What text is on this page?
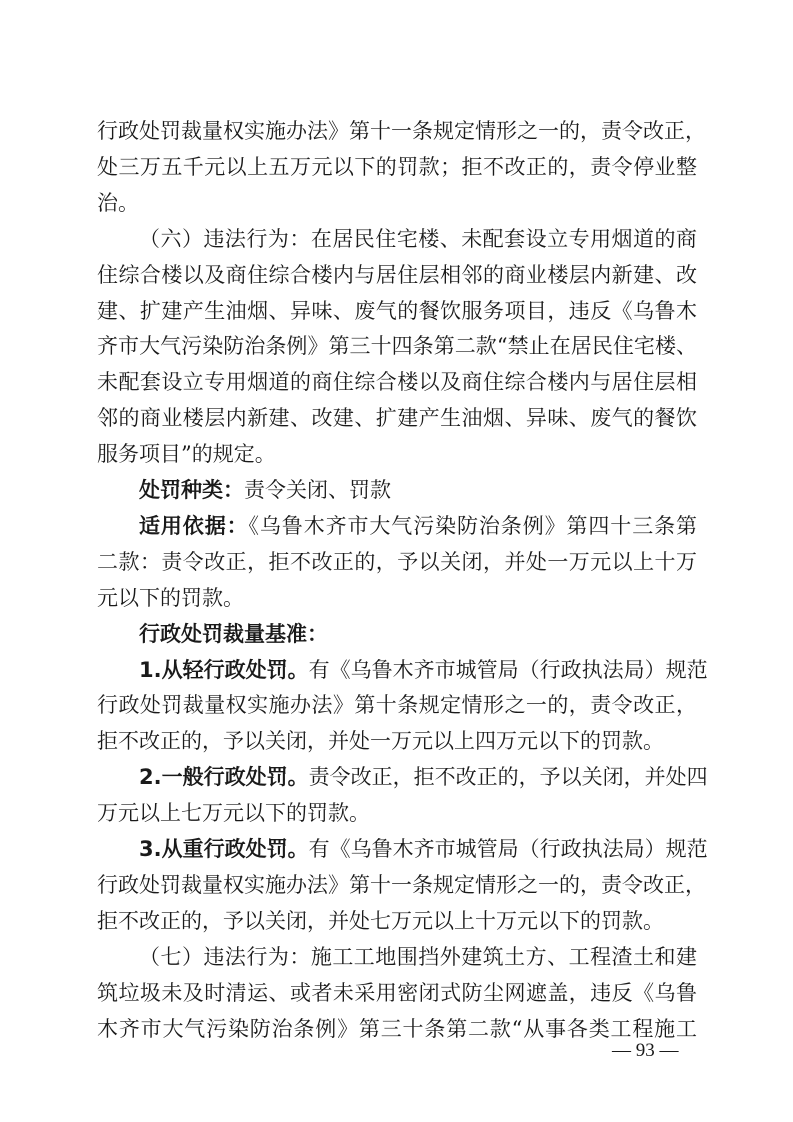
行政处罚裁量权实施办法》第十一条规定情形之一的，责令改正，
处三万五千元以上五万元以下的罚款；拒不改正的，责令停业整
治。
（六）违法行为：在居民住宅楼、未配套设立专用烟道的商
住综合楼以及商住综合楼内与居住层相邻的商业楼层内新建、改
建、扩建产生油烟、异味、废气的餐饮服务项目，违反《乌鲁木
齐市大气污染防治条例》第三十四条第二款“禁止在居民住宅楼、
未配套设立专用烟道的商住综合楼以及商住综合楼内与居住层相
邻的商业楼层内新建、改建、扩建产生油烟、异味、废气的餐饮
服务项目”的规定。
处罚种类：责令关闭、罚款
适用依据：《乌鲁木齐市大气污染防治条例》第四十三条第
二款：责令改正，拒不改正的，予以关闭，并处一万元以上十万
元以下的罚款。
行政处罚裁量基准：
1.从轻行政处罚。有《乌鲁木齐市城管局（行政执法局）规范
行政处罚裁量权实施办法》第十条规定情形之一的，责令改正，
拒不改正的，予以关闭，并处一万元以上四万元以下的罚款。
2.一般行政处罚。责令改正，拒不改正的，予以关闭，并处四
万元以上七万元以下的罚款。
3.从重行政处罚。有《乌鲁木齐市城管局（行政执法局）规范
行政处罚裁量权实施办法》第十一条规定情形之一的，责令改正，
拒不改正的，予以关闭，并处七万元以上十万元以下的罚款。
— 93 —
（七）违法行为：施工工地围挡外建筑土方、工程渣土和建
筑垃圾未及时清运、或者未采用密闭式防尘网遮盖，违反《乌鲁
木齐市大气污染防治条例》第三十条第二款“从事各类工程施工
